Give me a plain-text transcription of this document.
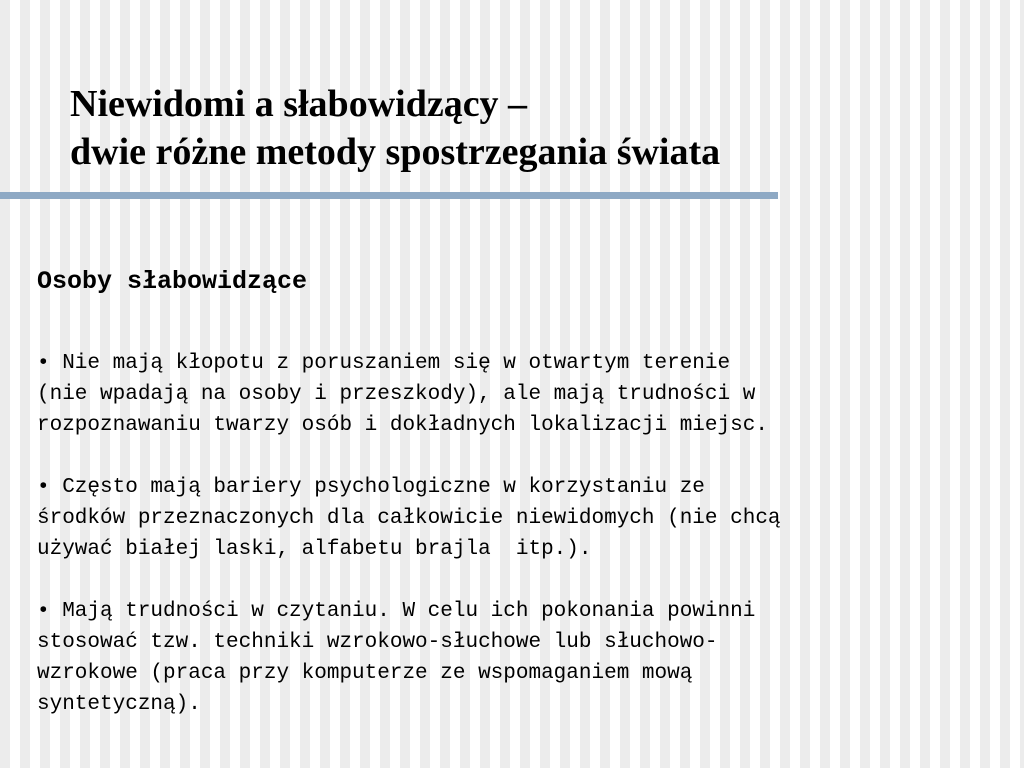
Niewidomi a słabowidzący –
dwie różne metody spostrzegania świata
Osoby słabowidzące
• Nie mają kłopotu z poruszaniem się w otwartym terenie
(nie wpadają na osoby i przeszkody), ale mają trudności w
rozpoznawaniu twarzy osób i dokładnych lokalizacji miejsc.
• Często mają bariery psychologiczne w korzystaniu ze
środków przeznaczonych dla całkowicie niewidomych (nie chcą
używać białej laski, alfabetu brajla  itp.).
• Mają trudności w czytaniu. W celu ich pokonania powinni
stosować tzw. techniki wzrokowo-słuchowe lub słuchowo-
wzrokowe (praca przy komputerze ze wspomaganiem mową
syntetyczną).
